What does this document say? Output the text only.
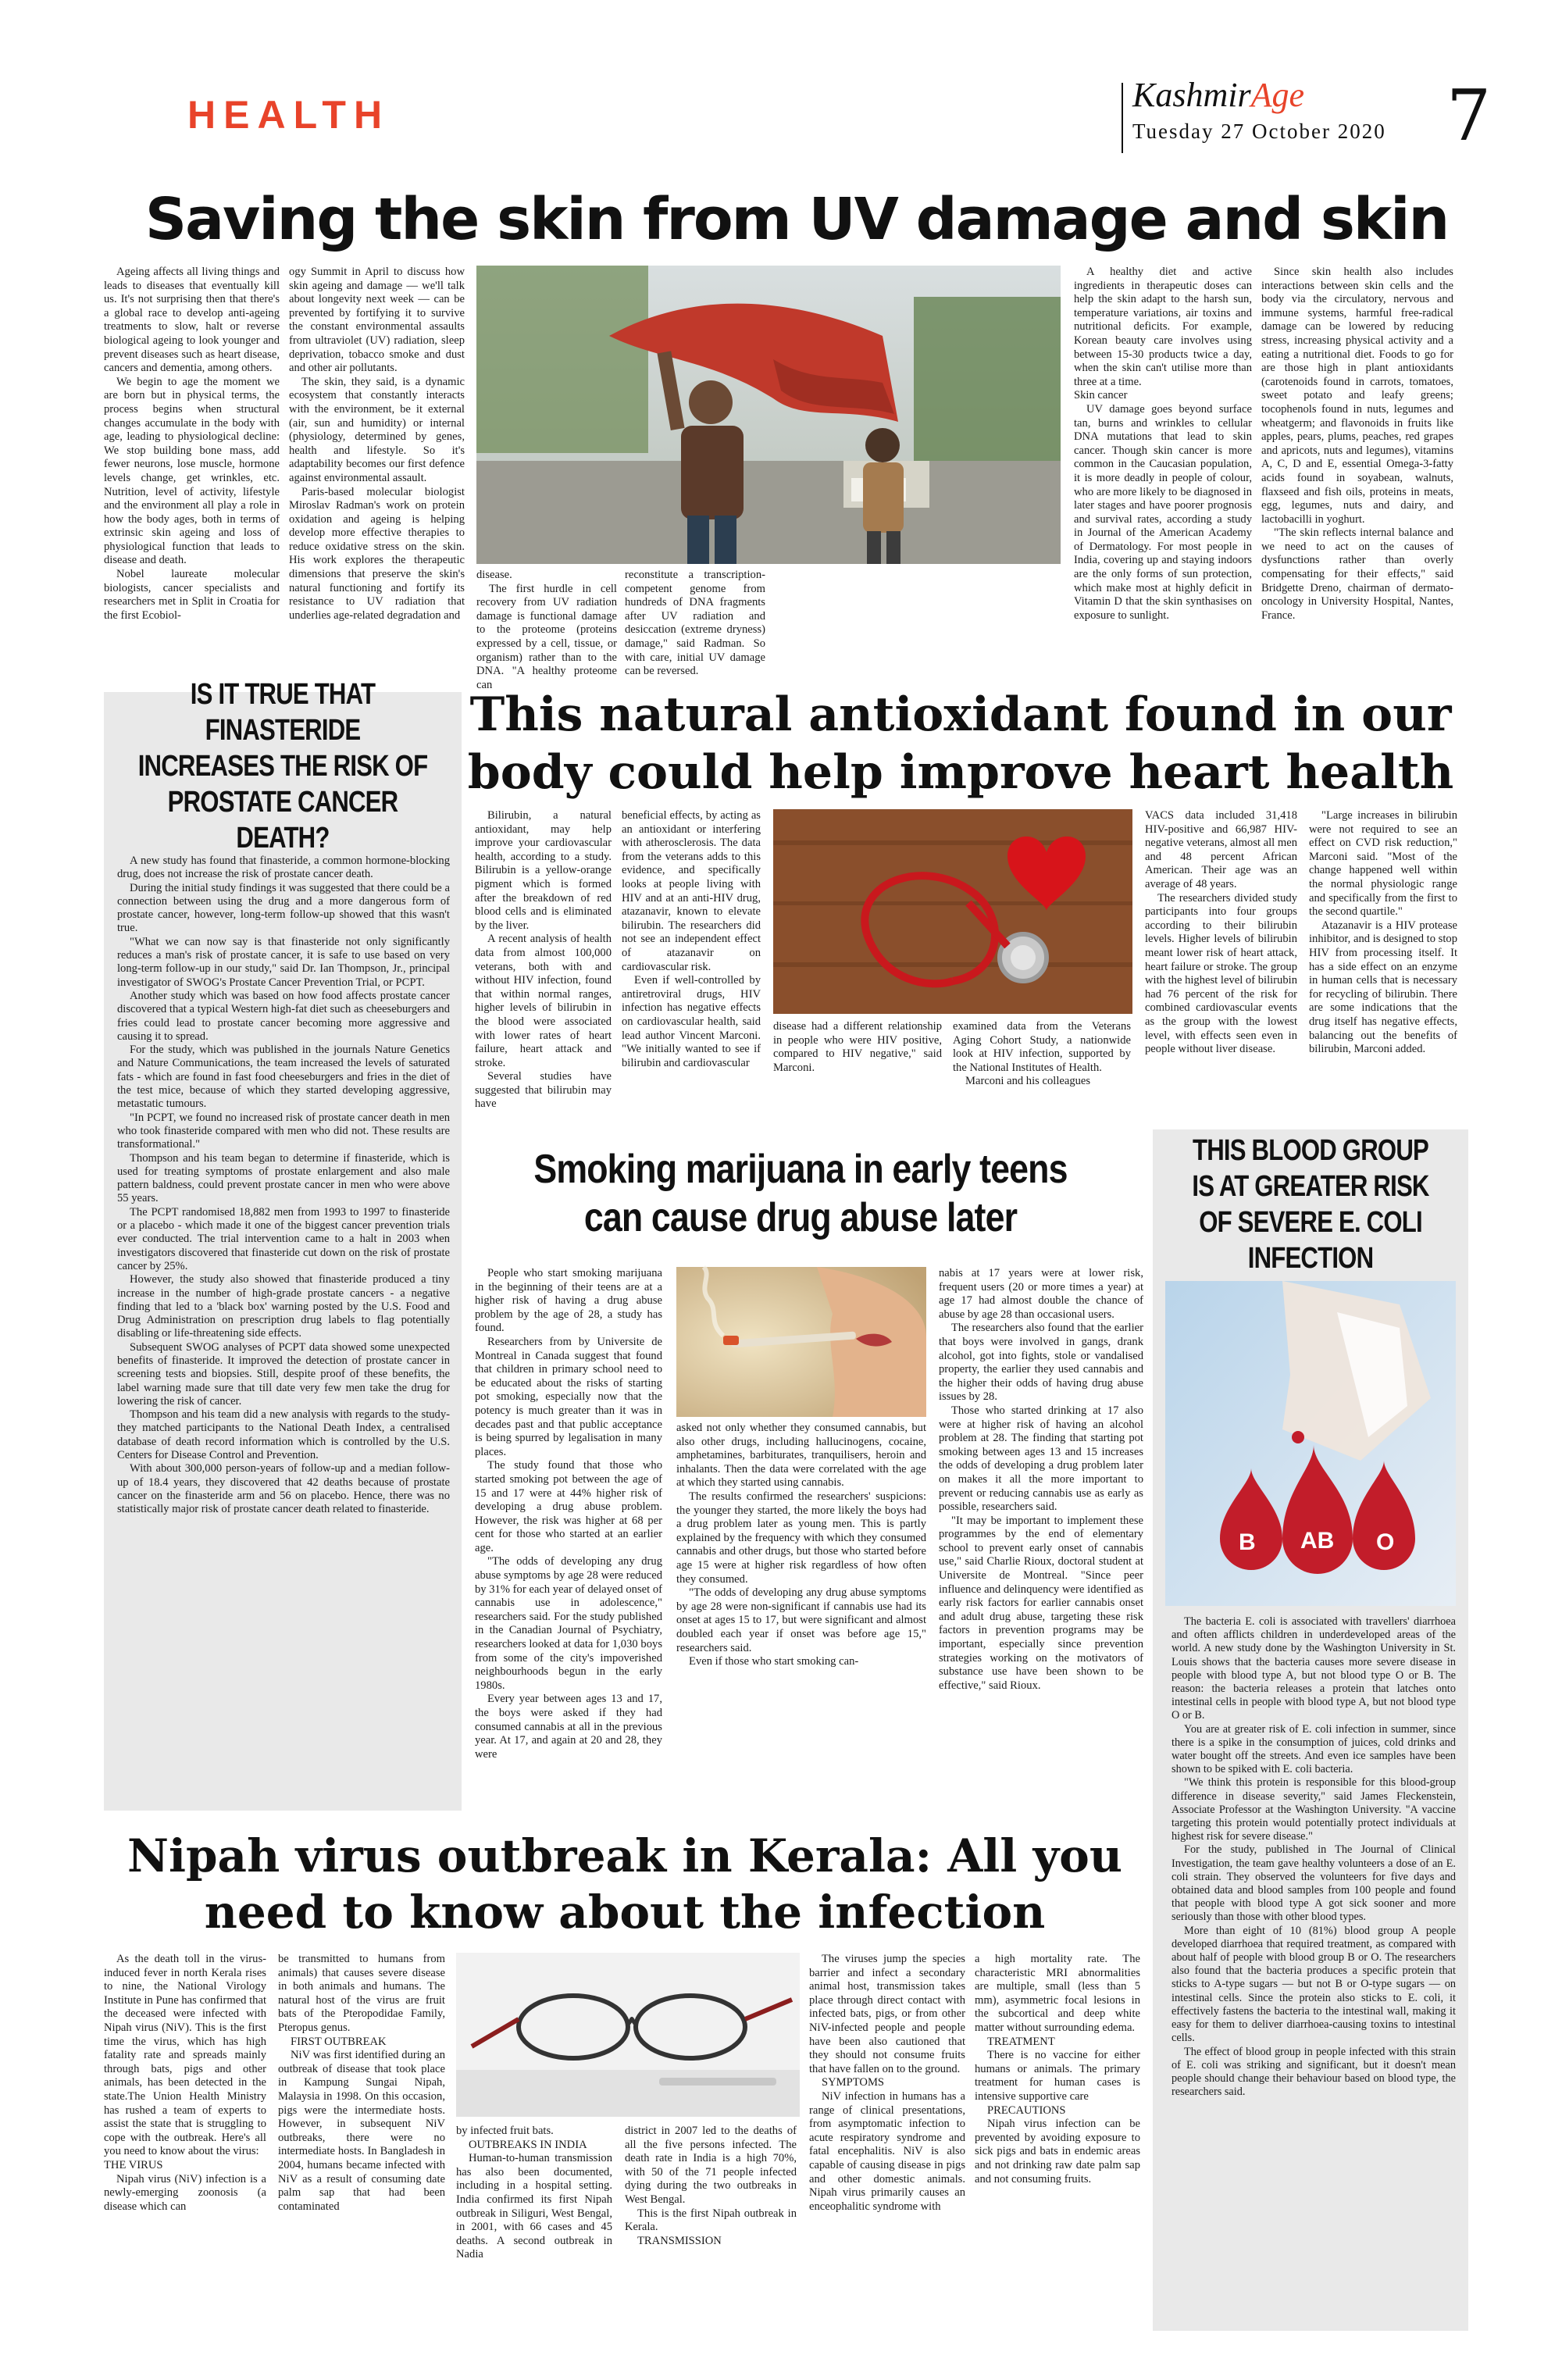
HEALTH	KashmirAge
Tuesday 27 October 2020 7
Saving the skin from UV damage and skin

Ageing affects all living things and leads to diseases that eventually kill us. It's not surprising then that there's a global race to develop anti-ageing treatments to slow, halt or reverse biological ageing to look younger and prevent diseases such as heart disease, cancers and dementia, among others.

We begin to age the moment we are born but in physical terms, the process begins when structural changes accumulate in the body with age, leading to physiological decline: We stop building bone mass, add fewer neurons, lose muscle, hormone levels change, get wrinkles, etc. Nutrition, level of activity, lifestyle and the environment all play a role in how the body ages, both in terms of extrinsic skin ageing and loss of physiological function that leads to disease and death.

Nobel laureate molecular biologists, cancer specialists and researchers met in Split in Croatia for the first Ecobiol-

ogy Summit in April to discuss how skin ageing and damage — we'll talk about longevity next week — can be prevented by fortifying it to survive the constant environmental assaults from ultraviolet (UV) radiation, sleep deprivation, tobacco smoke and dust and other air pollutants.

The skin, they said, is a dynamic ecosystem that constantly interacts with the environment, be it external (air, sun and humidity) or internal (physiology, determined by genes, health and lifestyle. So it's adaptability becomes our first defence against environmental assault.

Paris-based molecular biologist Miroslav Radman's work on protein oxidation and ageing is helping develop more effective therapies to reduce oxidative stress on the skin. His work explores the therapeutic dimensions that preserve the skin's natural functioning and fortify its resistance to UV radiation that underlies age-related degradation and

disease.

The first hurdle in cell recovery from UV radiation damage is functional damage to the proteome (proteins expressed by a cell, tissue, or organism) rather than to the DNA. "A healthy proteome can

reconstitute a transcription-competent genome from hundreds of DNA fragments after UV radiation and desiccation (extreme dryness) damage," said Radman. So with care, initial UV damage can be reversed.

A healthy diet and active ingredients in therapeutic doses can help the skin adapt to the harsh sun, temperature variations, air toxins and nutritional deficits. For example, Korean beauty care involves using between 15-30 products twice a day, when the skin can't utilise more than three at a time.

Skin cancer

UV damage goes beyond surface tan, burns and wrinkles to cellular DNA mutations that lead to skin cancer. Though skin cancer is more common in the Caucasian population, it is more deadly in people of colour, who are more likely to be diagnosed in later stages and have poorer prognosis and survival rates, according a study in Journal of the American Academy of Dermatology. For most people in India, covering up and staying indoors are the only forms of sun protection, which make most at highly deficit in Vitamin D that the skin synthasises on exposure to sunlight.

Since skin health also includes interactions between skin cells and the body via the circulatory, nervous and immune systems, harmful free-radical damage can be lowered by reducing stress, increasing physical activity and a eating a nutritional diet. Foods to go for are those high in plant antioxidants (carotenoids found in carrots, tomatoes, sweet potato and leafy greens; tocophenols found in nuts, legumes and wheatgerm; and flavonoids in fruits like apples, pears, plums, peaches, red grapes and apricots, nuts and legumes), vitamins A, C, D and E, essential Omega-3-fatty acids found in soyabean, walnuts, flaxseed and fish oils, proteins in meats, egg, legumes, nuts and dairy, and lactobacilli in yoghurt.

"The skin reflects internal balance and we need to act on the causes of dysfunctions rather than overly compensating for their effects," said Bridgette Dreno, chairman of dermato-oncology in University Hospital, Nantes, France.

IS IT TRUE THAT FINASTERIDE INCREASES THE RISK OF PROSTATE CANCER DEATH?

A new study has found that finasteride, a common hormone-blocking drug, does not increase the risk of prostate cancer death.

During the initial study findings it was suggested that there could be a connection between using the drug and a more dangerous form of prostate cancer, however, long-term follow-up showed that this wasn't true.

"What we can now say is that finasteride not only significantly reduces a man's risk of prostate cancer, it is safe to use based on very long-term follow-up in our study," said Dr. Ian Thompson, Jr., principal investigator of SWOG's Prostate Cancer Prevention Trial, or PCPT.

Another study which was based on how food affects prostate cancer discovered that a typical Western high-fat diet such as cheeseburgers and fries could lead to prostate cancer becoming more aggressive and causing it to spread.

For the study, which was published in the journals Nature Genetics and Nature Communications, the team increased the levels of saturated fats - which are found in fast food cheeseburgers and fries in the diet of the test mice, because of which they started developing aggressive, metastatic tumours.

"In PCPT, we found no increased risk of prostate cancer death in men who took finasteride compared with men who did not. These results are transformational."

Thompson and his team began to determine if finasteride, which is used for treating symptoms of prostate enlargement and also male pattern baldness, could prevent prostate cancer in men who were above 55 years.

The PCPT randomised 18,882 men from 1993 to 1997 to finasteride or a placebo - which made it one of the biggest cancer prevention trials ever conducted. The trial intervention came to a halt in 2003 when investigators discovered that finasteride cut down on the risk of prostate cancer by 25%.

However, the study also showed that finasteride produced a tiny increase in the number of high-grade prostate cancers - a negative finding that led to a 'black box' warning posted by the U.S. Food and Drug Administration on prescription drug labels to flag potentially disabling or life-threatening side effects.

Subsequent SWOG analyses of PCPT data showed some unexpected benefits of finasteride. It improved the detection of prostate cancer in screening tests and biopsies. Still, despite proof of these benefits, the label warning made sure that till date very few men take the drug for lowering the risk of cancer.

Thompson and his team did a new analysis with regards to the study- they matched participants to the National Death Index, a centralised database of death record information which is controlled by the U.S. Centers for Disease Control and Prevention.

With about 300,000 person-years of follow-up and a median follow-up of 18.4 years, they discovered that 42 deaths because of prostate cancer on the finasteride arm and 56 on placebo. Hence, there was no statistically major risk of prostate cancer death related to finasteride.

This natural antioxidant found in our body could help improve heart health

Bilirubin, a natural antioxidant, may help improve your cardiovascular health, according to a study. Bilirubin is a yellow-orange pigment which is formed after the breakdown of red blood cells and is eliminated by the liver.

A recent analysis of health data from almost 100,000 veterans, both with and without HIV infection, found that within normal ranges, higher levels of bilirubin in the blood were associated with lower rates of heart failure, heart attack and stroke.

Several studies have suggested that bilirubin may have

beneficial effects, by acting as an antioxidant or interfering with atherosclerosis. The data from the veterans adds to this evidence, and specifically looks at people living with HIV and at an anti-HIV drug, atazanavir, known to elevate bilirubin. The researchers did not see an independent effect of atazanavir on cardiovascular risk.

Even if well-controlled by antiretroviral drugs, HIV infection has negative effects on cardiovascular health, said lead author Vincent Marconi. "We initially wanted to see if bilirubin and cardiovascular

disease had a different relationship in people who were HIV positive, compared to HIV negative," said Marconi.

examined data from the Veterans Aging Cohort Study, a nationwide look at HIV infection, supported by the National Institutes of Health.

Marconi and his colleagues

VACS data included 31,418 HIV-positive and 66,987 HIV-negative veterans, almost all men and 48 percent African American. Their age was an average of 48 years.

The researchers divided study participants into four groups according to their bilirubin levels. Higher levels of bilirubin meant lower risk of heart attack, heart failure or stroke. The group with the highest level of bilirubin had 76 percent of the risk for combined cardiovascular events as the group with the lowest level, with effects seen even in people without liver disease.

"Large increases in bilirubin were not required to see an effect on CVD risk reduction," Marconi said. "Most of the change happened well within the normal physiologic range and specifically from the first to the second quartile."

Atazanavir is a HIV protease inhibitor, and is designed to stop HIV from processing itself. It has a side effect on an enzyme in human cells that is necessary for recycling of bilirubin. There are some indications that the drug itself has negative effects, balancing out the benefits of bilirubin, Marconi added.

Smoking marijuana in early teens can cause drug abuse later

People who start smoking marijuana in the beginning of their teens are at a higher risk of having a drug abuse problem by the age of 28, a study has found.

Researchers from by Universite de Montreal in Canada suggest that found that children in primary school need to be educated about the risks of starting pot smoking, especially now that the potency is much greater than it was in decades past and that public acceptance is being spurred by legalisation in many places.

The study found that those who started smoking pot between the age of 15 and 17 were at 44% higher risk of developing a drug abuse problem. However, the risk was higher at 68 per cent for those who started at an earlier age.

"The odds of developing any drug abuse symptoms by age 28 were reduced by 31% for each year of delayed onset of cannabis use in adolescence," researchers said. For the study published in the Canadian Journal of Psychiatry, researchers looked at data for 1,030 boys from some of the city's impoverished neighbourhoods begun in the early 1980s.

Every year between ages 13 and 17, the boys were asked if they had consumed cannabis at all in the previous year. At 17, and again at 20 and 28, they were

asked not only whether they consumed cannabis, but also other drugs, including hallucinogens, cocaine, amphetamines, barbiturates, tranquilisers, heroin and inhalants. Then the data were correlated with the age at which they started using cannabis.

The results confirmed the researchers' suspicions: the younger they started, the more likely the boys had a drug problem later as young men. This is partly explained by the frequency with which they consumed cannabis and other drugs, but those who started before age 15 were at higher risk regardless of how often they consumed.

"The odds of developing any drug abuse symptoms by age 28 were non-significant if cannabis use had its onset at ages 15 to 17, but were significant and almost doubled each year if onset was before age 15," researchers said.

Even if those who start smoking can-

nabis at 17 years were at lower risk, frequent users (20 or more times a year) at age 17 had almost double the chance of abuse by age 28 than occasional users.

The researchers also found that the earlier that boys were involved in gangs, drank alcohol, got into fights, stole or vandalised property, the earlier they used cannabis and the higher their odds of having drug abuse issues by 28.

Those who started drinking at 17 also were at higher risk of having an alcohol problem at 28. The finding that starting pot smoking between ages 13 and 15 increases the odds of developing a drug problem later on makes it all the more important to prevent or reducing cannabis use as early as possible, researchers said.

"It may be important to implement these programmes by the end of elementary school to prevent early onset of cannabis use," said Charlie Rioux, doctoral student at Universite de Montreal. "Since peer influence and delinquency were identified as early risk factors for earlier cannabis onset and adult drug abuse, targeting these risk factors in prevention programs may be important, especially since prevention strategies working on the motivators of substance use have been shown to be effective," said Rioux.

THIS BLOOD GROUP IS AT GREATER RISK OF SEVERE E. COLI INFECTION
B AB O

The bacteria E. coli is associated with travellers' diarrhoea and often afflicts children in underdeveloped areas of the world. A new study done by the Washington University in St. Louis shows that the bacteria causes more severe disease in people with blood type A, but not blood type O or B. The reason: the bacteria releases a protein that latches onto intestinal cells in people with blood type A, but not blood type O or B.

You are at greater risk of E. coli infection in summer, since there is a spike in the consumption of juices, cold drinks and water bought off the streets. And even ice samples have been shown to be spiked with E. coli bacteria.

"We think this protein is responsible for this blood-group difference in disease severity," said James Fleckenstein, Associate Professor at the Washington University. "A vaccine targeting this protein would potentially protect individuals at highest risk for severe disease."

For the study, published in The Journal of Clinical Investigation, the team gave healthy volunteers a dose of an E. coli strain. They observed the volunteers for five days and obtained data and blood samples from 100 people and found that people with blood type A got sick sooner and more seriously than those with other blood types.

More than eight of 10 (81%) blood group A people developed diarrhoea that required treatment, as compared with about half of people with blood group B or O. The researchers also found that the bacteria produces a specific protein that sticks to A-type sugars — but not B or O-type sugars — on intestinal cells. Since the protein also sticks to E. coli, it effectively fastens the bacteria to the intestinal wall, making it easy for them to deliver diarrhoea-causing toxins to intestinal cells.

The effect of blood group in people infected with this strain of E. coli was striking and significant, but it doesn't mean people should change their behaviour based on blood type, the researchers said.

Nipah virus outbreak in Kerala: All you need to know about the infection

As the death toll in the virus-induced fever in north Kerala rises to nine, the National Virology Institute in Pune has confirmed that the deceased were infected with Nipah virus (NiV). This is the first time the virus, which has high fatality rate and spreads mainly through bats, pigs and other animals, has been detected in the state.The Union Health Ministry has rushed a team of experts to assist the state that is struggling to cope with the outbreak. Here's all you need to know about the virus:

THE VIRUS

Nipah virus (NiV) infection is a newly-emerging zoonosis (a disease which can

be transmitted to humans from animals) that causes severe disease in both animals and humans. The natural host of the virus are fruit bats of the Pteropodidae Family, Pteropus genus.

FIRST OUTBREAK

NiV was first identified during an outbreak of disease that took place in Kampung Sungai Nipah, Malaysia in 1998. On this occasion, pigs were the intermediate hosts. However, in subsequent NiV outbreaks, there were no intermediate hosts. In Bangladesh in 2004, humans became infected with NiV as a result of consuming date palm sap that had been contaminated

by infected fruit bats.

OUTBREAKS IN INDIA

Human-to-human transmission has also been documented, including in a hospital setting. India confirmed its first Nipah outbreak in Siliguri, West Bengal, in 2001, with 66 cases and 45 deaths. A second outbreak in Nadia

district in 2007 led to the deaths of all the five persons infected. The death rate in India is a high 70%, with 50 of the 71 people infected dying during the two outbreaks in West Bengal.

This is the first Nipah outbreak in Kerala.

TRANSMISSION

The viruses jump the species barrier and infect a secondary animal host, transmission takes place through direct contact with infected bats, pigs, or from other NiV-infected people and people have been also cautioned that they should not consume fruits that have fallen on to the ground.

SYMPTOMS

NiV infection in humans has a range of clinical presentations, from asymptomatic infection to acute respiratory syndrome and fatal encephalitis. NiV is also capable of causing disease in pigs and other domestic animals. Nipah virus primarily causes an enceophalitic syndrome with

a high mortality rate. The characteristic MRI abnormalities are multiple, small (less than 5 mm), asymmetric focal lesions in the subcortical and deep white matter without surrounding edema.

TREATMENT

There is no vaccine for either humans or animals. The primary treatment for human cases is intensive supportive care

PRECAUTIONS

Nipah virus infection can be prevented by avoiding exposure to sick pigs and bats in endemic areas and not drinking raw date palm sap and not consuming fruits.
